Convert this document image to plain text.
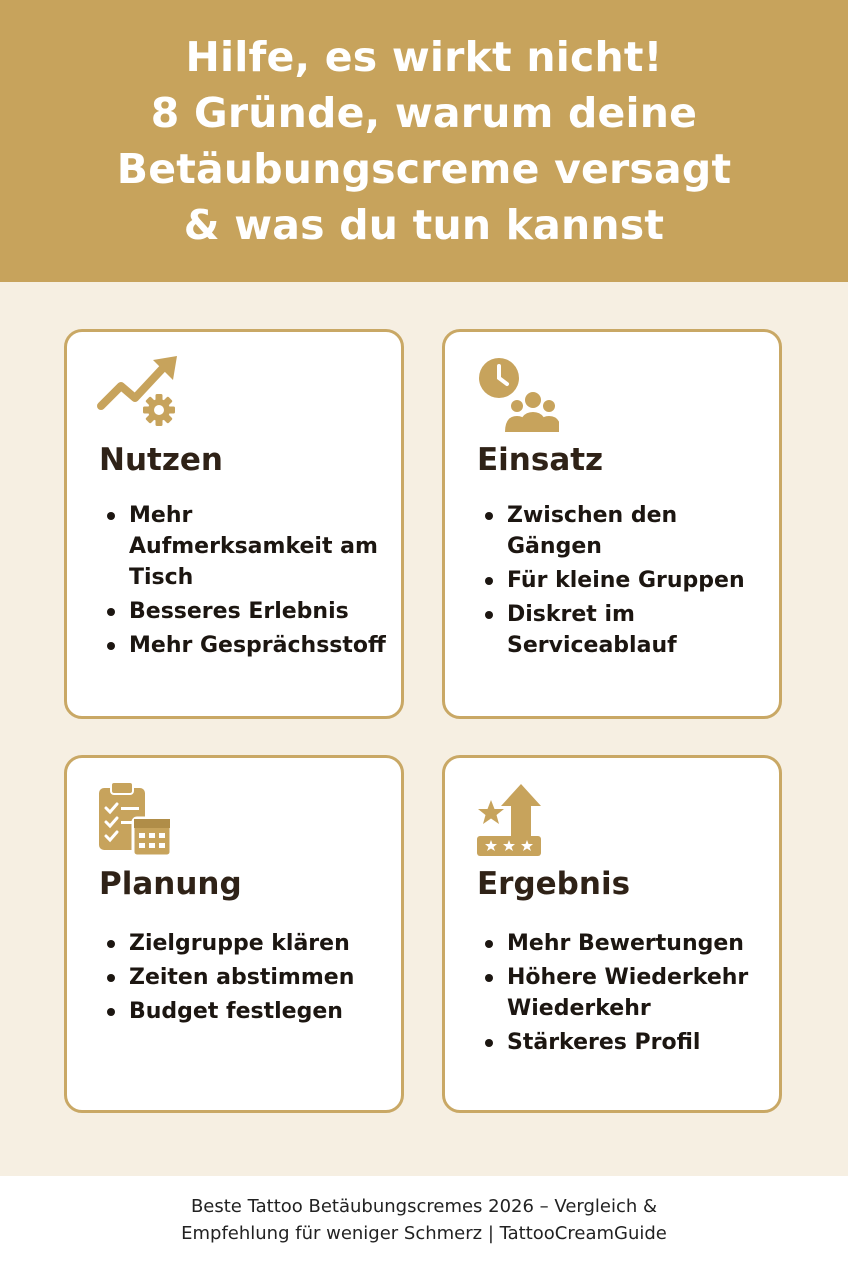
Hilfe, es wirkt nicht!
8 Gründe, warum deine
Betäubungscreme versagt
& was du tun kannst
Nutzen
Mehr Aufmerksamkeit am Tisch
Besseres Erlebnis
Mehr Gesprächsstoff
Einsatz
Zwischen den Gängen
Für kleine Gruppen
Diskret im Serviceablauf
Planung
Zielgruppe klären
Zeiten abstimmen
Budget festlegen
Ergebnis
Mehr Bewertungen
Höhere Wiederkehr Wiederkehr
Stärkeres Profil

Beste Tattoo Betäubungscremes 2026 – Vergleich &
Empfehlung für weniger Schmerz | TattooCreamGuide
